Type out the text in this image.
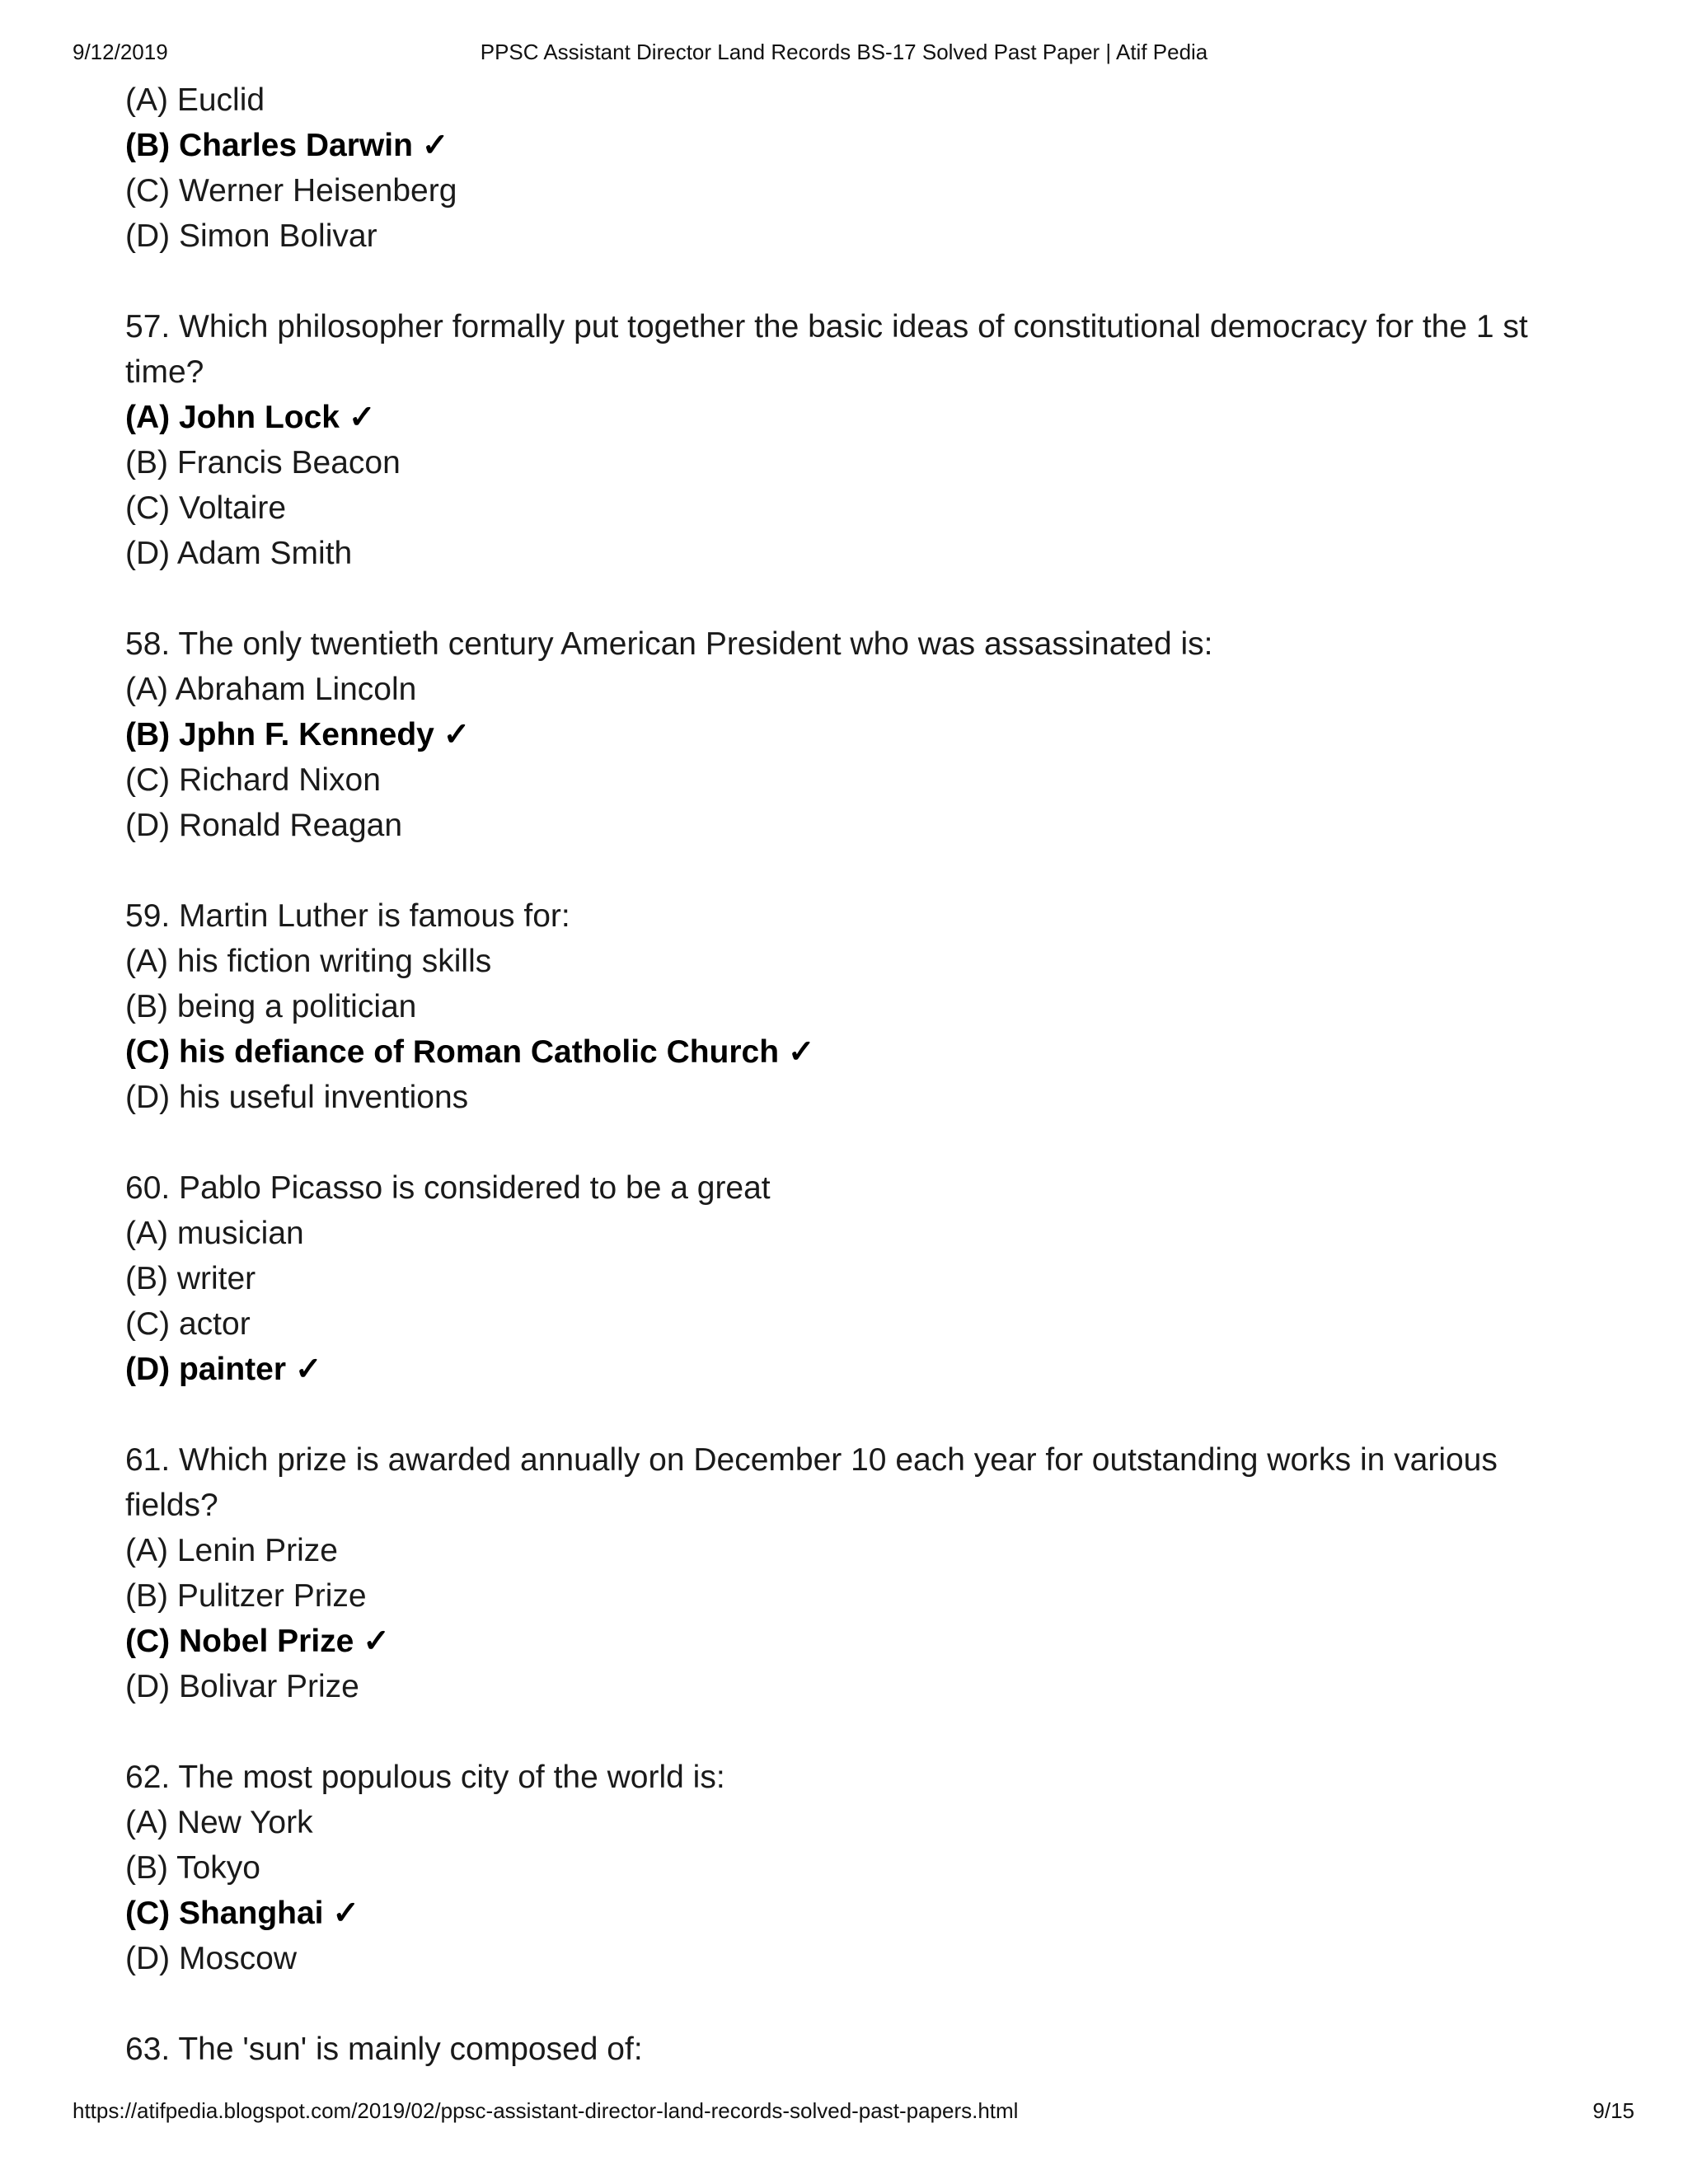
9/12/2019	PPSC Assistant Director Land Records BS-17 Solved Past Paper | Atif Pedia
(A) Euclid
(B) Charles Darwin ✓
(C) Werner Heisenberg
(D) Simon Bolivar
57. Which philosopher formally put together the basic ideas of constitutional democracy for the 1 st
time?
(A) John Lock ✓
(B) Francis Beacon
(C) Voltaire
(D) Adam Smith
58. The only twentieth century American President who was assassinated is:
(A) Abraham Lincoln
(B) Jphn F. Kennedy ✓
(C) Richard Nixon
(D) Ronald Reagan
59. Martin Luther is famous for:
(A) his fiction writing skills
(B) being a politician
(C) his defiance of Roman Catholic Church ✓
(D) his useful inventions
60. Pablo Picasso is considered to be a great
(A) musician
(B) writer
(C) actor
(D) painter ✓
61. Which prize is awarded annually on December 10 each year for outstanding works in various
fields?
(A) Lenin Prize
(B) Pulitzer Prize
(C) Nobel Prize ✓
(D) Bolivar Prize
62. The most populous city of the world is:
(A) New York
(B) Tokyo
(C) Shanghai ✓
(D) Moscow
63. The 'sun' is mainly composed of:
https://atifpedia.blogspot.com/2019/02/ppsc-assistant-director-land-records-solved-past-papers.html	9/15
